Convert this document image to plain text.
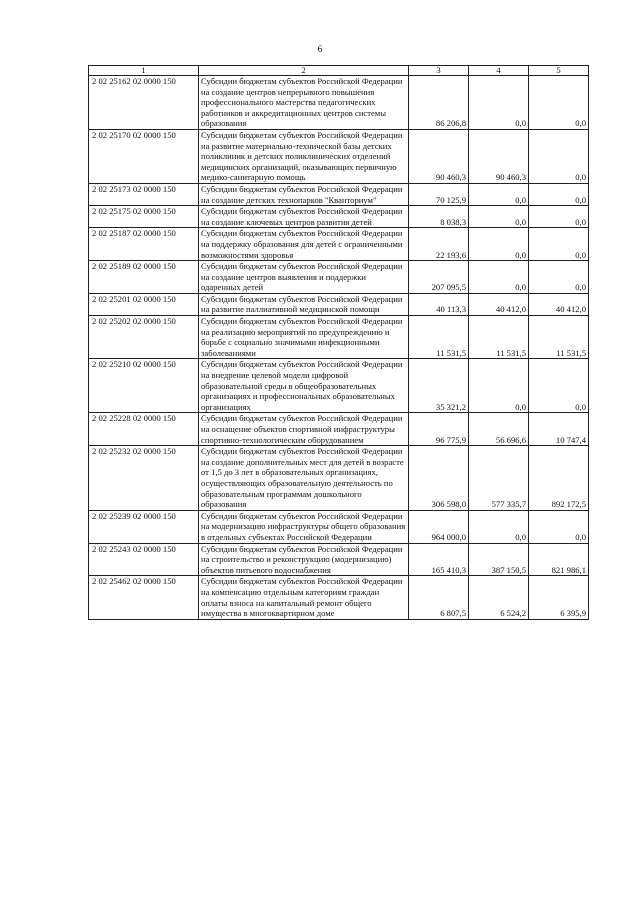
6
1	2	3	4	5
2 02 25162 02 0000 150	Субсидии бюджетам субъектов Российской Федерации на создание центров непрерывного повышения профессионального мастерства педагогических работников и аккредитационных центров системы образования	86 206,8	0,0	0,0
2 02 25170 02 0000 150	Субсидии бюджетам субъектов Российской Федерации на развитие материально-технической базы детских поликлиник и детских поликлинических отделений медицинских организаций, оказывающих первичную медико-санитарную помощь	90 460,3	90 460,3	0,0
2 02 25173 02 0000 150	Субсидии бюджетам субъектов Российской Федерации на создание детских технопарков "Кванториум"	70 125,9	0,0	0,0
2 02 25175 02 0000 150	Субсидии бюджетам субъектов Российской Федерации на создание ключевых центров развития детей	8 038,3	0,0	0,0
2 02 25187 02 0000 150	Субсидии бюджетам субъектов Российской Федерации на поддержку образования для детей с ограниченными возможностями здоровья	22 193,6	0,0	0,0
2 02 25189 02 0000 150	Субсидии бюджетам субъектов Российской Федерации на создание центров выявления и поддержки одаренных детей	207 095,5	0,0	0,0
2 02 25201 02 0000 150	Субсидии бюджетам субъектов Российской Федерации на развитие паллиативной медицинской помощи	40 113,3	40 412,0	40 412,0
2 02 25202 02 0000 150	Субсидии бюджетам субъектов Российской Федерации на реализацию мероприятий по предупреждению и борьбе с социально значимыми инфекционными заболеваниями	11 531,5	11 531,5	11 531,5
2 02 25210 02 0000 150	Субсидии бюджетам субъектов Российской Федерации на внедрение целевой модели цифровой образовательной среды в общеобразовательных организациях и профессиональных образовательных организациях	35 321,2	0,0	0,0
2 02 25228 02 0000 150	Субсидии бюджетам субъектов Российской Федерации на оснащение объектов спортивной инфраструктуры спортивно-технологическим оборудованием	96 775,9	56 696,6	10 747,4
2 02 25232 02 0000 150	Субсидии бюджетам субъектов Российской Федерации на создание дополнительных мест для детей в возрасте от 1,5 до 3 лет в образовательных организациях, осуществляющих образовательную деятельность по образовательным программам дошкольного образования	306 598,0	577 335,7	892 172,5
2 02 25239 02 0000 150	Субсидии бюджетам субъектов Российской Федерации на модернизацию инфраструктуры общего образования в отдельных субъектах Российской Федерации	964 000,0	0,0	0,0
2 02 25243 02 0000 150	Субсидии бюджетам субъектов Российской Федерации на строительство и реконструкцию (модернизацию) объектов питьевого водоснабжения	165 410,3	387 150,5	821 986,1
2 02 25462 02 0000 150	Субсидии бюджетам субъектов Российской Федерации на компенсацию отдельным категориям граждан оплаты взноса на капитальный ремонт общего имущества в многоквартирном доме	6 807,5	6 524,2	6 395,9
